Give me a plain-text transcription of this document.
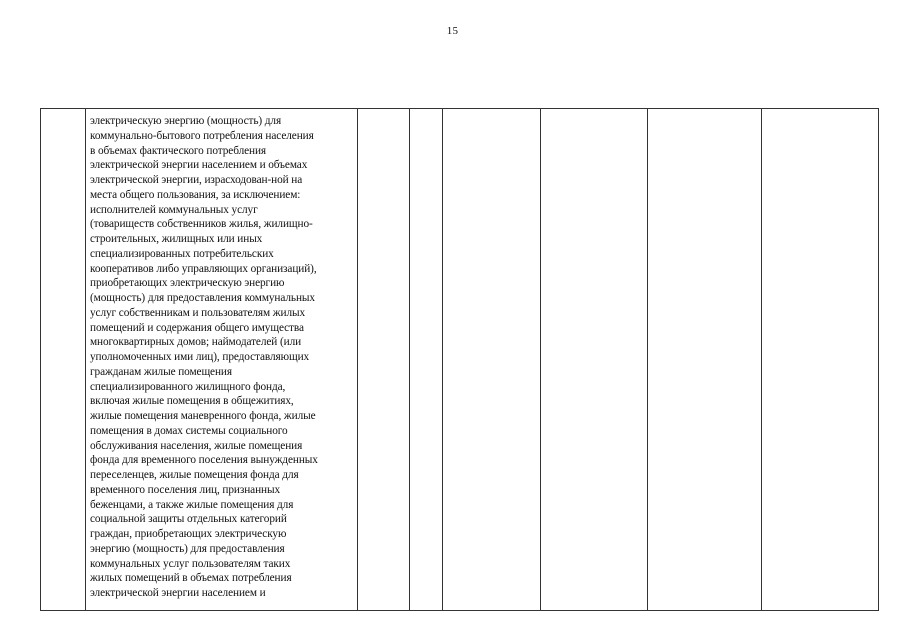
15
	электрическую энергию (мощность) для
коммунально-бытового потребления населения
в объемах фактического потребления
электрической энергии населением и объемах
электрической энергии, израсходован-ной на
места общего пользования, за исключением:
исполнителей коммунальных услуг
(товариществ собственников жилья, жилищно-
строительных, жилищных или иных
специализированных потребительских
кооперативов либо управляющих организаций),
приобретающих электрическую энергию
(мощность) для предоставления коммунальных
услуг собственникам и пользователям жилых
помещений и содержания общего имущества
многоквартирных домов; наймодателей (или
уполномоченных ими лиц), предоставляющих
гражданам жилые помещения
специализированного жилищного фонда,
включая жилые помещения в общежитиях,
жилые помещения маневренного фонда, жилые
помещения в домах системы социального
обслуживания населения, жилые помещения
фонда для временного поселения вынужденных
переселенцев, жилые помещения фонда для
временного поселения лиц, признанных
беженцами, а также жилые помещения для
социальной защиты отдельных категорий
граждан, приобретающих электрическую
энергию (мощность) для предоставления
коммунальных услуг пользователям таких
жилых помещений в объемах потребления
электрической энергии населением и						
